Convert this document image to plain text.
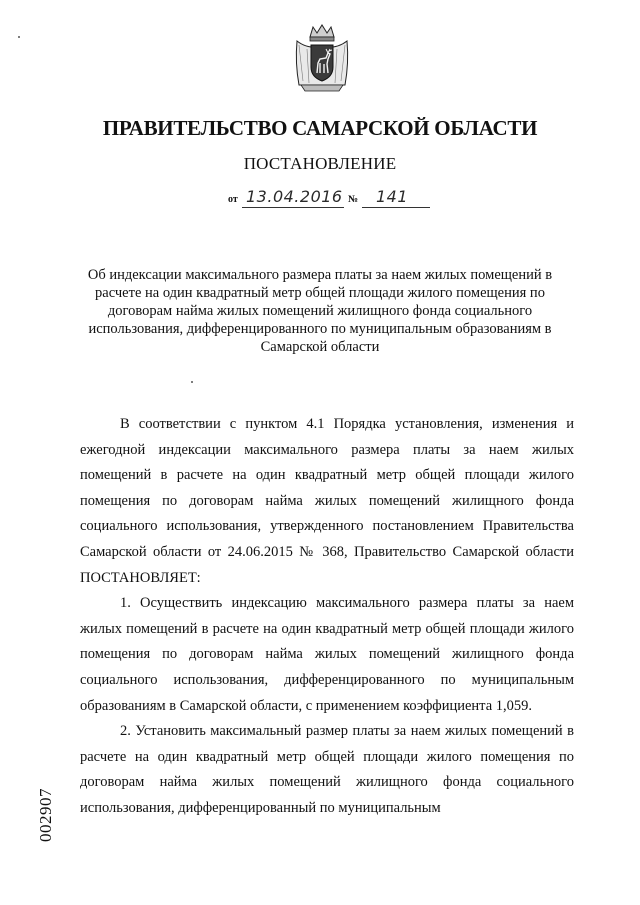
ПРАВИТЕЛЬСТВО САМАРСКОЙ ОБЛАСТИ
ПОСТАНОВЛЕНИЕ
от 13.04.2016 № 141
Об индексации максимального размера платы за наем жилых помещений в расчете на один квадратный метр общей площади жилого помещения по договорам найма жилых помещений жилищного фонда социального использования, дифференцированного по муниципальным образованиям в Самарской области

В соответствии с пунктом 4.1 Порядка установления, изменения и ежегодной индексации максимального размера платы за наем жилых помещений в расчете на один квадратный метр общей площади жилого помещения по договорам найма жилых помещений жилищного фонда социального использования, утвержденного постановлением Правительства Самарской области от 24.06.2015 № 368, Правительство Самарской области ПОСТАНОВЛЯЕТ:

1. Осуществить индексацию максимального размера платы за наем жилых помещений в расчете на один квадратный метр общей площади жилого помещения по договорам найма жилых помещений жилищного фонда социального использования, дифференцированного по муниципальным образованиям в Самарской области, с применением коэффициента 1,059.

2. Установить максимальный размер платы за наем жилых помещений в расчете на один квадратный метр общей площади жилого помещения по договорам найма жилых помещений жилищного фонда социального использования, дифференцированный по муниципальным

002907
